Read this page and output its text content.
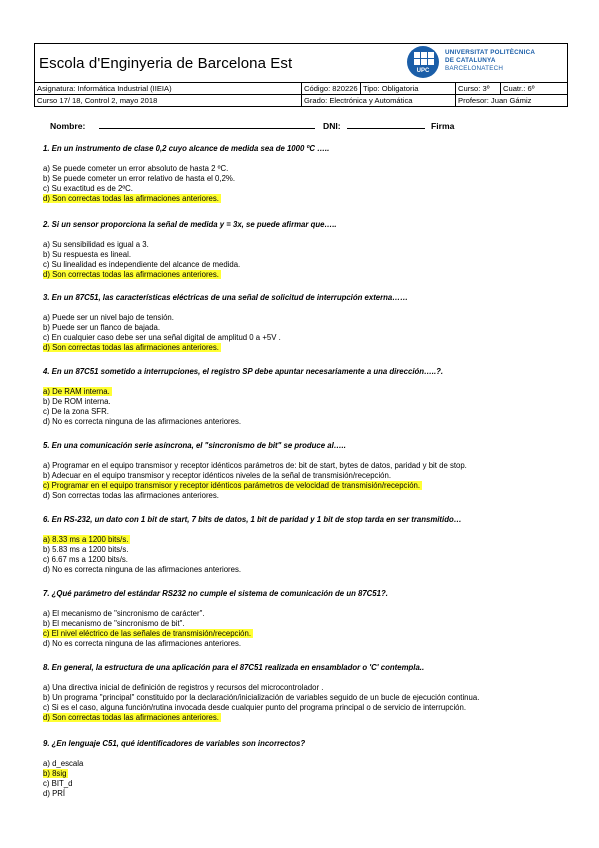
Escola d'Enginyeria de Barcelona Est	UPC
UNIVERSITAT POLITÈCNICA
DE CATALUNYA
BARCELONATECH
Asignatura: Informática Industrial (IIEIA)	Código: 820226 Tipo: Obligatoria	Curso: 3º	Cuatr.: 6º
Curso 17/ 18, Control 2, mayo 2018	Grado: Electrónica y Automática	Profesor: Juan Gámiz
Nombre:	DNI:	Firma
1. En un instrumento de clase 0,2 cuyo alcance de medida sea de 1000 ºC …..
a) Se puede cometer un error absoluto de hasta 2 ºC.
b) Se puede cometer un error relativo de hasta el 0,2%.
c) Su exactitud es de 2ºC.
d) Son correctas todas las afirmaciones anteriores.
2. Si un sensor proporciona la señal de medida y = 3x, se puede afirmar que…..
a) Su sensibilidad es igual a 3.
b) Su respuesta es lineal.
c) Su linealidad es independiente del alcance de medida.
d) Son correctas todas las afirmaciones anteriores.
3. En un 87C51, las características eléctricas de una señal de solicitud de interrupción externa……
a) Puede ser un nivel bajo de tensión.
b) Puede ser un flanco de bajada.
c) En cualquier caso debe ser una señal digital de amplitud 0 a +5V .
d) Son correctas todas las afirmaciones anteriores.
4. En un 87C51 sometido a interrupciones, el registro SP debe apuntar necesariamente a una dirección…..?.
a) De RAM interna.
b) De ROM interna.
c) De la zona SFR.
d) No es correcta ninguna de las afirmaciones anteriores.
5. En una comunicación serie asíncrona, el "sincronismo de bit" se produce al…..
a) Programar en el equipo transmisor y receptor idénticos parámetros de: bit de start, bytes de datos, paridad y bit de stop.
b) Adecuar en el equipo transmisor y receptor idénticos niveles de la señal de transmisión/recepción.
c) Programar en el equipo transmisor y receptor idénticos parámetros de velocidad de transmisión/recepción.
d) Son correctas todas las afirmaciones anteriores.
6. En RS-232, un dato con 1 bit de start, 7 bits de datos, 1 bit de paridad y 1 bit de stop tarda en ser transmitido…
a) 8.33 ms a 1200 bits/s.
b) 5.83 ms a 1200 bits/s.
c) 6.67 ms a 1200 bits/s.
d) No es correcta ninguna de las afirmaciones anteriores.
7. ¿Qué parámetro del estándar RS232 no cumple el sistema de comunicación de un 87C51?.
a) El mecanismo de "sincronismo de carácter".
b) El mecanismo de "sincronismo de bit".
c) El nivel eléctrico de las señales de transmisión/recepción.
d) No es correcta ninguna de las afirmaciones anteriores.
8. En general, la estructura de una aplicación para el 87C51 realizada en ensamblador o 'C' contempla..
a) Una directiva inicial de definición de registros y recursos del microcontrolador .
b) Un programa "principal" constituido por la declaración/inicialización de variables seguido de un bucle de ejecución continua.
c) Si es el caso, alguna función/rutina invocada desde cualquier punto del programa principal o de servicio de interrupción.
d) Son correctas todas las afirmaciones anteriores.
9. ¿En lenguaje C51, qué identificadores de variables son incorrectos?
a) d_escala
b) 8sig
c) BIT_d
d) PRÍ
